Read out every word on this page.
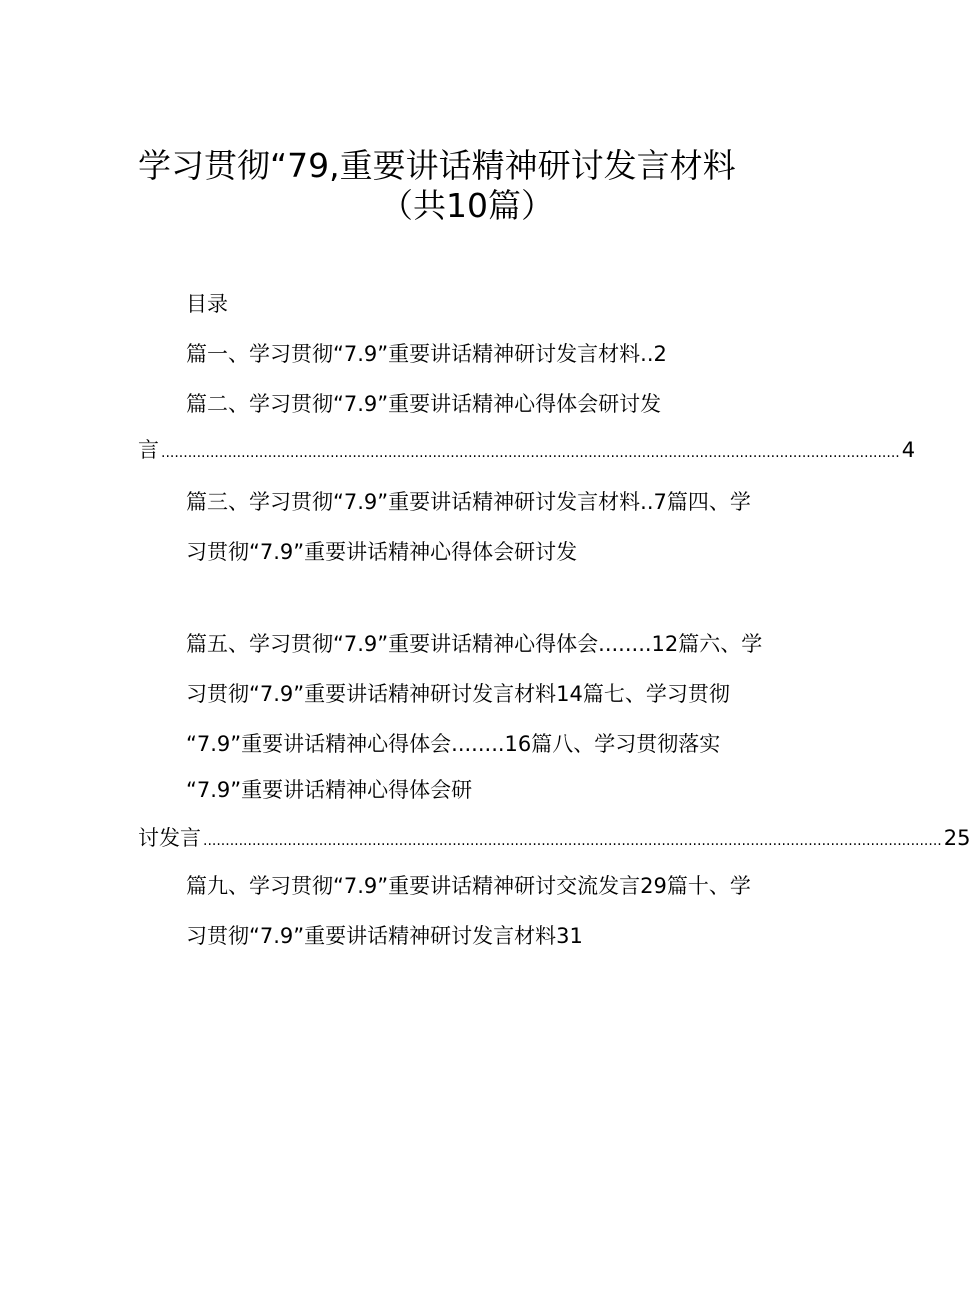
学习贯彻“79,重要讲话精神研讨发言材料
（共10篇）
目录
篇一、学习贯彻“7.9”重要讲话精神研讨发言材料..2
篇二、学习贯彻“7.9”重要讲话精神心得体会研讨发
言 ...................................................................................................................................................................... 4
篇三、学习贯彻“7.9”重要讲话精神研讨发言材料..7篇四、学
习贯彻“7.9”重要讲话精神心得体会研讨发
篇五、学习贯彻“7.9”重要讲话精神心得体会........12篇六、学
习贯彻“7.9”重要讲话精神研讨发言材料14篇七、学习贯彻
“7.9”重要讲话精神心得体会........16篇八、学习贯彻落实
“7.9”重要讲话精神心得体会研
讨发言 ...................................................................................................................................................................... 25
篇九、学习贯彻“7.9”重要讲话精神研讨交流发言29篇十、学
习贯彻“7.9”重要讲话精神研讨发言材料31
